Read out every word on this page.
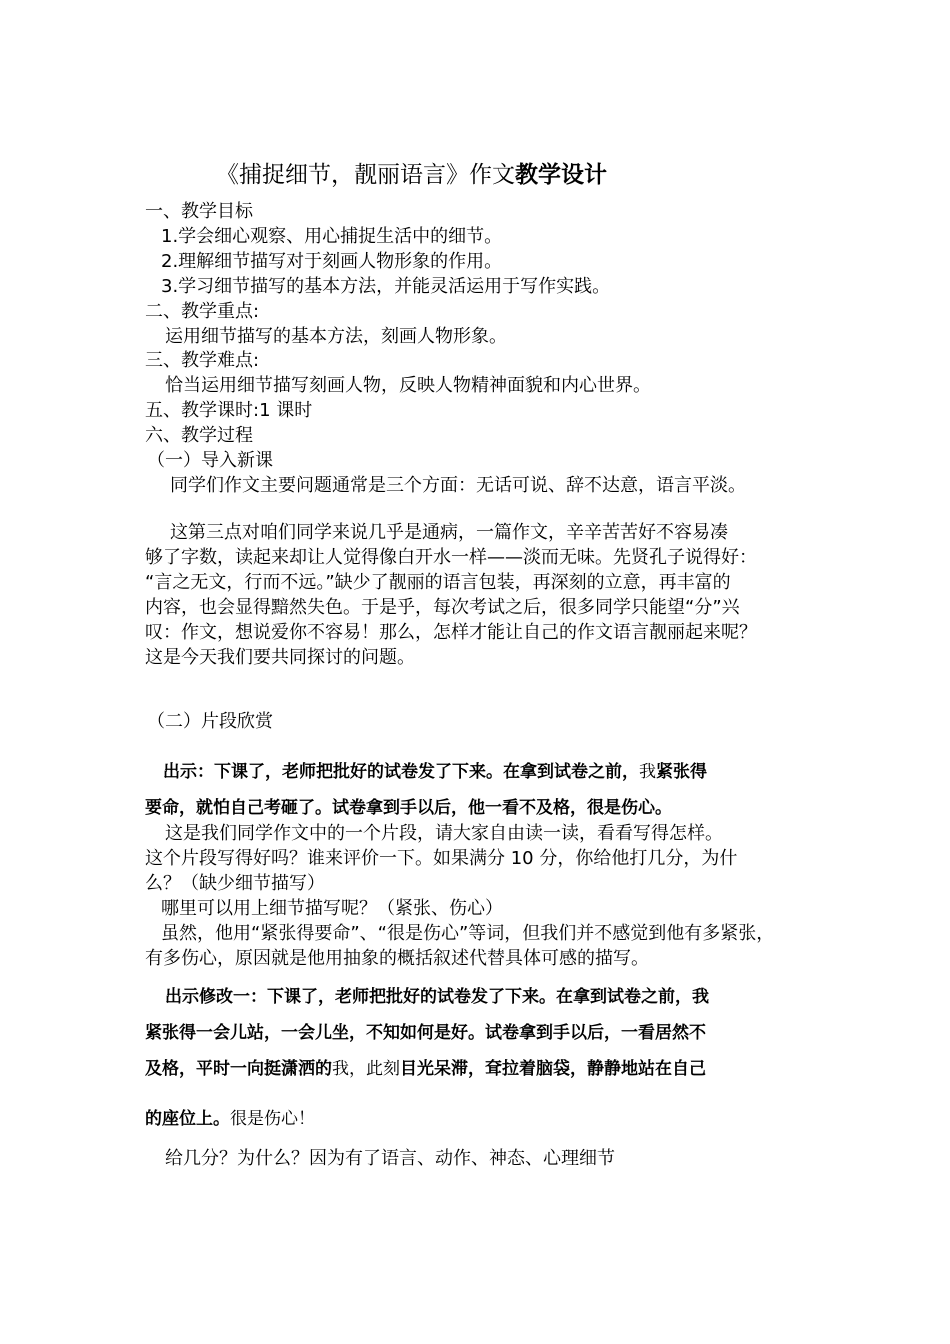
《捕捉细节，靓丽语言》作文教学设计
一、教学目标
1.学会细心观察、用心捕捉生活中的细节。
2.理解细节描写对于刻画人物形象的作用。
3.学习细节描写的基本方法，并能灵活运用于写作实践。
二、教学重点:
运用细节描写的基本方法，刻画人物形象。
三、教学难点:
恰当运用细节描写刻画人物，反映人物精神面貌和内心世界。
五、教学课时:1 课时
六、教学过程
（一）导入新课
同学们作文主要问题通常是三个方面：无话可说、辞不达意，语言平淡。
这第三点对咱们同学来说几乎是通病，一篇作文，辛辛苦苦好不容易凑
够了字数，读起来却让人觉得像白开水一样——淡而无味。先贤孔子说得好：
“言之无文，行而不远。”缺少了靓丽的语言包装，再深刻的立意，再丰富的
内容，也会显得黯然失色。于是乎，每次考试之后，很多同学只能望“分”兴
叹：作文，想说爱你不容易！那么，怎样才能让自己的作文语言靓丽起来呢？
这是今天我们要共同探讨的问题。
（二）片段欣赏
出示：下课了，老师把批好的试卷发了下来。在拿到试卷之前，我紧张得
要命，就怕自己考砸了。试卷拿到手以后，他一看不及格，很是伤心。
这是我们同学作文中的一个片段，请大家自由读一读，看看写得怎样。
这个片段写得好吗？谁来评价一下。如果满分 10 分，你给他打几分，为什
么？（缺少细节描写）
哪里可以用上细节描写呢？（紧张、伤心）
虽然，他用“紧张得要命”、“很是伤心”等词，但我们并不感觉到他有多紧张，
有多伤心，原因就是他用抽象的概括叙述代替具体可感的描写。
出示修改一：下课了，老师把批好的试卷发了下来。在拿到试卷之前，我
紧张得一会儿站，一会儿坐，不知如何是好。试卷拿到手以后，一看居然不
及格，平时一向挺潇洒的我，此刻目光呆滞，耷拉着脑袋，静静地站在自己
的座位上。很是伤心！
给几分？为什么？因为有了语言、动作、神态、心理细节
